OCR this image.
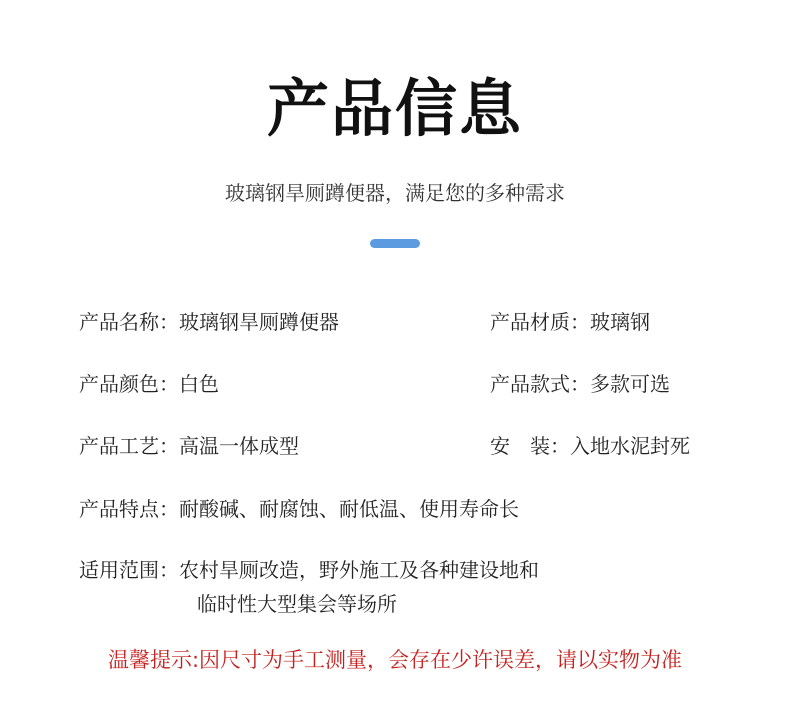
产品信息
玻璃钢旱厕蹲便器，满足您的多种需求
产品名称：玻璃钢旱厕蹲便器	产品材质：玻璃钢
产品颜色：白色	产品款式：多款可选
产品工艺：高温一体成型	安　装：入地水泥封死
产品特点：耐酸碱、耐腐蚀、耐低温、使用寿命长
适用范围：农村旱厕改造，野外施工及各种建设地和
临时性大型集会等场所
温馨提示:因尺寸为手工测量，会存在少许误差，请以实物为准
